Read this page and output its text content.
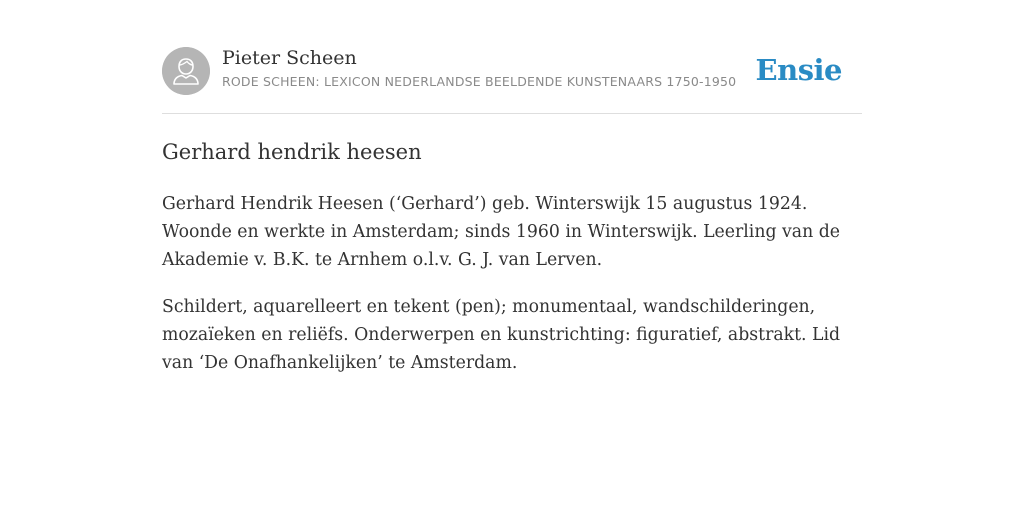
Pieter Scheen
RODE SCHEEN: LEXICON NEDERLANDSE BEELDENDE KUNSTENAARS 1750-1950 Ensie
Gerhard hendrik heesen

Gerhard Hendrik Heesen (‘Gerhard’) geb. Winterswijk 15 augustus 1924. Woonde en werkte in Amsterdam; sinds 1960 in Winterswijk. Leerling van de Akademie v. B.K. te Arnhem o.l.v. G. J. van Lerven.

Schildert, aquarelleert en tekent (pen); monumentaal, wandschilderingen, mozaïeken en reliëfs. Onderwerpen en kunstrichting: figuratief, abstrakt. Lid van ‘De Onafhankelijken’ te Amsterdam.
